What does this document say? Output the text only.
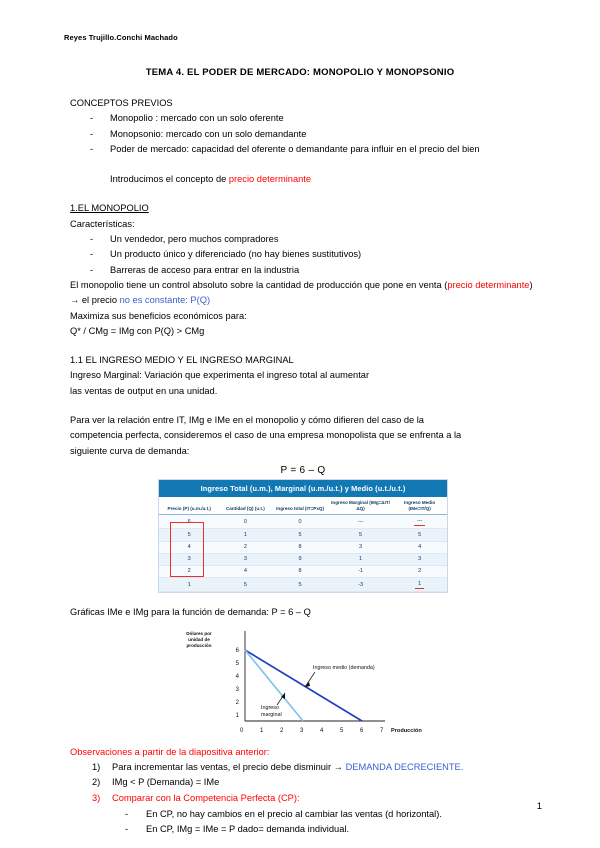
Reyes Trujillo.Conchi Machado
TEMA 4. EL PODER DE MERCADO: MONOPOLIO Y MONOPSONIO

CONCEPTOS PREVIOS

- Monopolio : mercado con un solo oferente
- Monopsonio: mercado con un solo demandante
- Poder de mercado: capacidad del oferente o demandante para influir en el precio del bien
Introducimos el concepto de precio determinante

1.EL MONOPOLIO

Características:

- Un vendedor, pero muchos compradores
- Un producto único y diferenciado (no hay bienes sustitutivos)
- Barreras de acceso para entrar en la industria

El monopolio tiene un control absoluto sobre la cantidad de producción que pone en venta (precio determinante) → el precio no es constante: P(Q)

Maximiza sus beneficios económicos para:

Q* / CMg = IMg con P(Q) > CMg

1.1 EL INGRESO MEDIO Y EL INGRESO MARGINAL

Ingreso Marginal: Variación que experimenta el ingreso total al aumentar

las ventas de output en una unidad.

Para ver la relación entre IT, IMg e IMe en el monopolio y cómo difieren del caso de la

competencia perfecta, consideremos el caso de una empresa monopolista que se enfrenta a la

siguiente curva de demanda:

P = 6 – Q
Ingreso Total (u.m.), Marginal (u.m./u.t.) y Medio (u.t./u.t.)
Precio (P) (u.m./u.t.)	Cantidad (Q) (u.t.)	Ingreso total (IT=PxQ)	Ingreso Marginal (IMg=ΔIT/ΔQ)	Ingreso Medio (IMe=IT/Q)
6	0	0	---	---
5	1	5	5	5
4	2	8	3	4
3	3	9	1	3
2	4	8	-1	2
1	5	5	-3	1

Gráficas IMe e IMg para la función de demanda: P = 6 – Q

Dólares por
unidad de
producción
6
5
4
3
2
1
0	1	2	3	4	5	6	7 Producción
Ingreso medio (demanda)
Ingreso
marginal

Observaciones a partir de la diapositiva anterior:

1) Para incrementar las ventas, el precio debe disminuir → DEMANDA DECRECIENTE.
2) IMg < P (Demanda) = IMe
3) Comparar con la Competencia Perfecta (CP):
- En CP, no hay cambios en el precio al cambiar las ventas (d horizontal).
- En CP, IMg = IMe = P dado= demanda individual.
1
